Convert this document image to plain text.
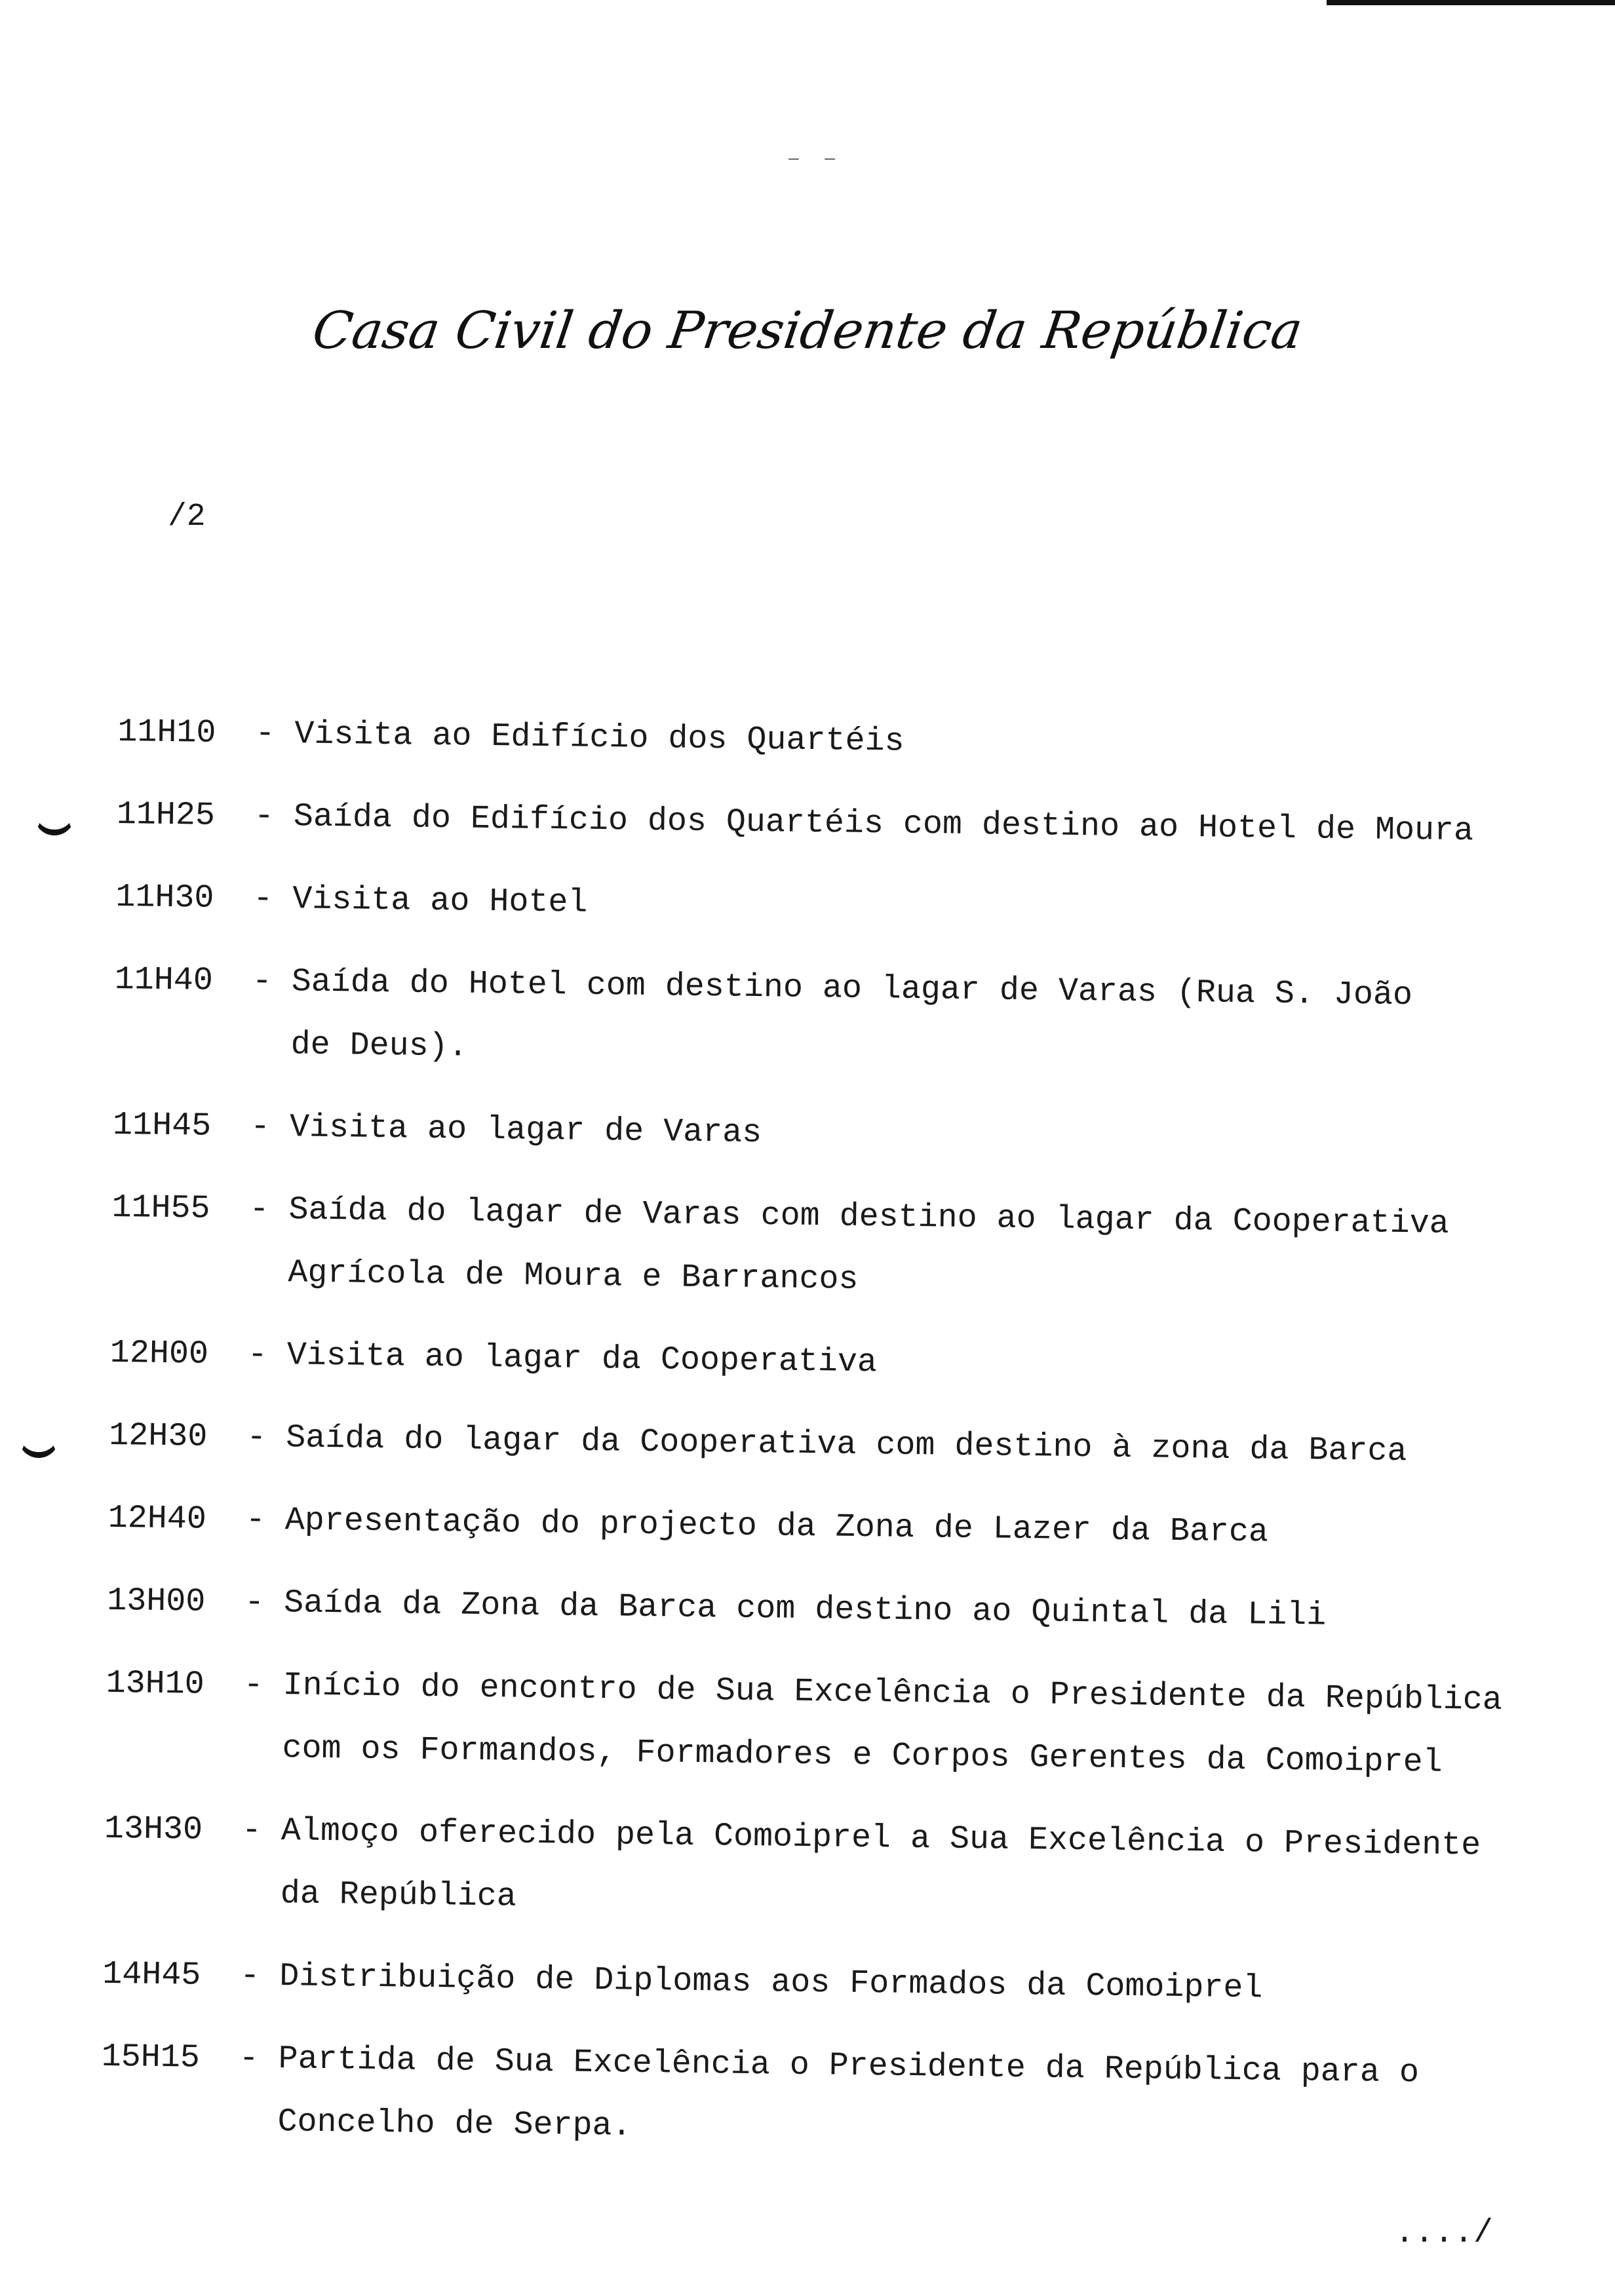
– –
Casa Civil do Presidente da República
/2
11H10	- Visita ao Edifício dos Quartéis
11H25	- Saída do Edifício dos Quartéis com destino ao Hotel de Moura
11H30	- Visita ao Hotel
11H40	- Saída do Hotel com destino ao lagar de Varas (Rua S. João
de Deus).
11H45	- Visita ao lagar de Varas
11H55	- Saída do lagar de Varas com destino ao lagar da Cooperativa
Agrícola de Moura e Barrancos
12H00	- Visita ao lagar da Cooperativa
12H30	- Saída do lagar da Cooperativa com destino à zona da Barca
12H40	- Apresentação do projecto da Zona de Lazer da Barca
13H00	- Saída da Zona da Barca com destino ao Quintal da Lili
13H10	- Início do encontro de Sua Excelência o Presidente da República
com os Formandos, Formadores e Corpos Gerentes da Comoiprel
13H30	- Almoço oferecido pela Comoiprel a Sua Excelência o Presidente
da República
14H45	- Distribuição de Diplomas aos Formados da Comoiprel
15H15	- Partida de Sua Excelência o Presidente da República para o
Concelho de Serpa.
..../
